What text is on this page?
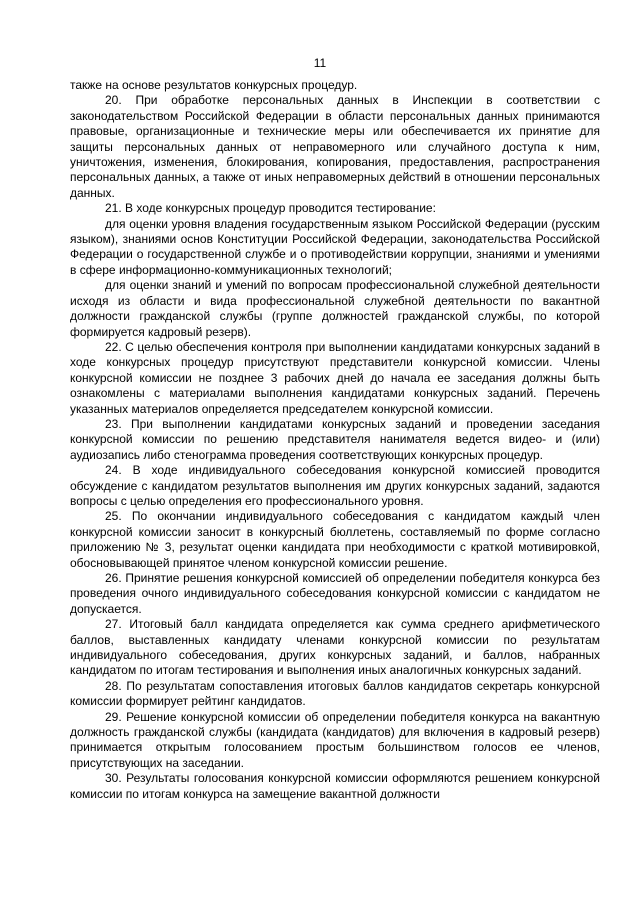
11

также на основе результатов конкурсных процедур.

20. При обработке персональных данных в Инспекции в соответствии с законодательством Российской Федерации в области персональных данных принимаются правовые, организационные и технические меры или обеспечивается их принятие для защиты персональных данных от неправомерного или случайного доступа к ним, уничтожения, изменения, блокирования, копирования, предоставления, распространения персональных данных, а также от иных неправомерных действий в отношении персональных данных.

21. В ходе конкурсных процедур проводится тестирование:

для оценки уровня владения государственным языком Российской Федерации (русским языком), знаниями основ Конституции Российской Федерации, законодательства Российской Федерации о государственной службе и о противодействии коррупции, знаниями и умениями в сфере информационно-коммуникационных технологий;

для оценки знаний и умений по вопросам профессиональной служебной деятельности исходя из области и вида профессиональной служебной деятельности по вакантной должности гражданской службы (группе должностей гражданской службы, по которой формируется кадровый резерв).

22. С целью обеспечения контроля при выполнении кандидатами конкурсных заданий в ходе конкурсных процедур присутствуют представители конкурсной комиссии. Члены конкурсной комиссии не позднее 3 рабочих дней до начала ее заседания должны быть ознакомлены с материалами выполнения кандидатами конкурсных заданий. Перечень указанных материалов определяется председателем конкурсной комиссии.

23. При выполнении кандидатами конкурсных заданий и проведении заседания конкурсной комиссии по решению представителя нанимателя ведется видео- и (или) аудиозапись либо стенограмма проведения соответствующих конкурсных процедур.

24. В ходе индивидуального собеседования конкурсной комиссией проводится обсуждение с кандидатом результатов выполнения им других конкурсных заданий, задаются вопросы с целью определения его профессионального уровня.

25. По окончании индивидуального собеседования с кандидатом каждый член конкурсной комиссии заносит в конкурсный бюллетень, составляемый по форме согласно приложению № 3, результат оценки кандидата при необходимости с краткой мотивировкой, обосновывающей принятое членом конкурсной комиссии решение.

26. Принятие решения конкурсной комиссией об определении победителя конкурса без проведения очного индивидуального собеседования конкурсной комиссии с кандидатом не допускается.

27. Итоговый балл кандидата определяется как сумма среднего арифметического баллов, выставленных кандидату членами конкурсной комиссии по результатам индивидуального собеседования, других конкурсных заданий, и баллов, набранных кандидатом по итогам тестирования и выполнения иных аналогичных конкурсных заданий.

28. По результатам сопоставления итоговых баллов кандидатов секретарь конкурсной комиссии формирует рейтинг кандидатов.

29. Решение конкурсной комиссии об определении победителя конкурса на вакантную должность гражданской службы (кандидата (кандидатов) для включения в кадровый резерв) принимается открытым голосованием простым большинством голосов ее членов, присутствующих на заседании.

30. Результаты голосования конкурсной комиссии оформляются решением конкурсной комиссии по итогам конкурса на замещение вакантной должности
